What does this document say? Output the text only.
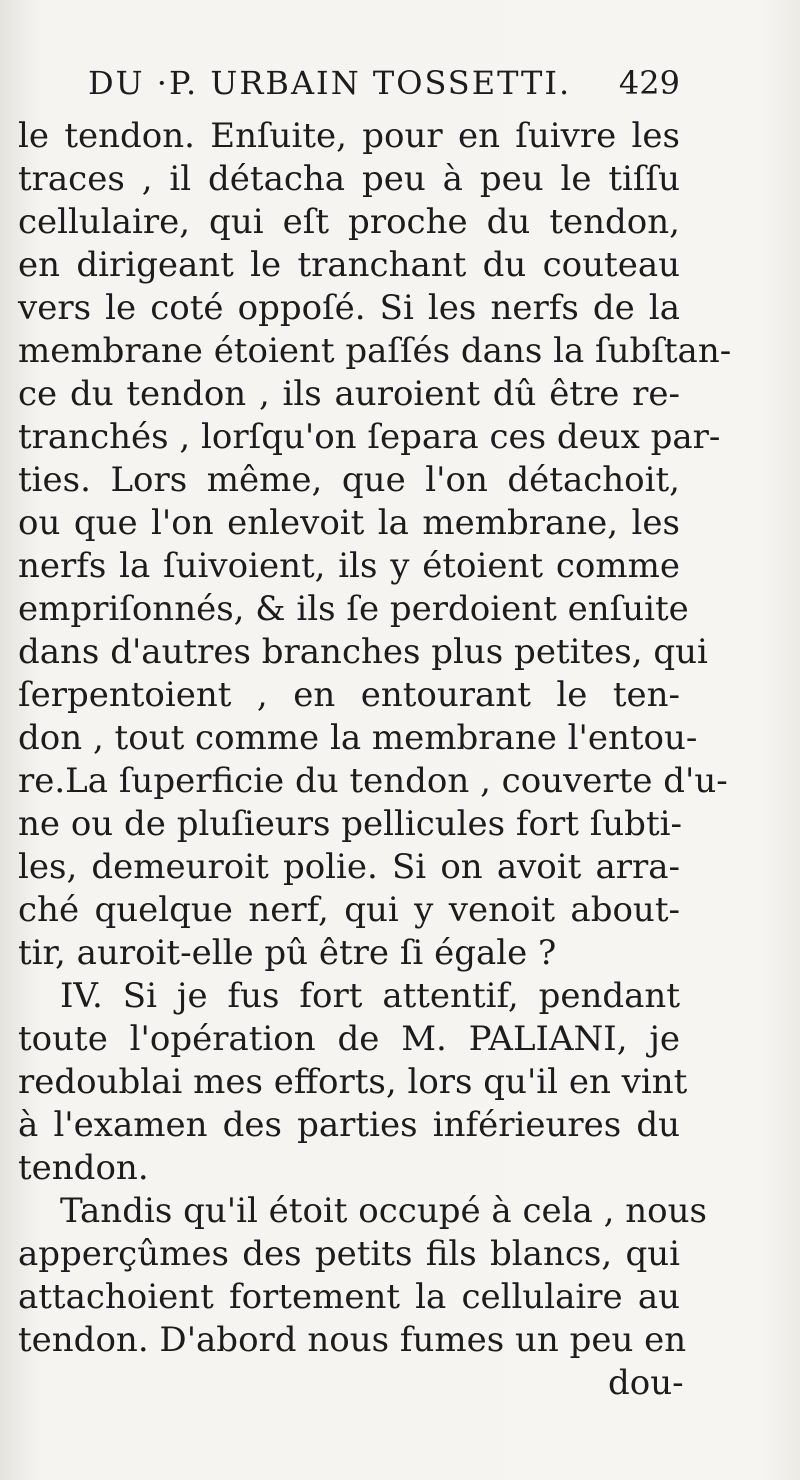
DU ·P. URBAIN TOSSETTI. 429
le tendon. Enſuite, pour en ſuivre les
traces , il détacha peu à peu le tiſſu
cellulaire, qui eſt proche du tendon,
en dirigeant le tranchant du couteau
vers le coté oppoſé. Si les nerfs de la
membrane étoient paſſés dans la ſubſtan-
ce du tendon , ils auroient dû être re-
tranchés , lorſqu'on ſepara ces deux par-
ties. Lors même, que l'on détachoit,
ou que l'on enlevoit la membrane, les
nerfs la ſuivoient, ils y étoient comme
empriſonnés, & ils ſe perdoient enſuite
dans d'autres branches plus petites, qui
ſerpentoient , en entourant le ten-
don , tout comme la membrane l'entou-
re.La ſuperficie du tendon , couverte d'u-
ne ou de pluſieurs pellicules fort ſubti-
les, demeuroit polie. Si on avoit arra-
ché quelque nerf, qui y venoit about-
tir, auroit-elle pû être ſi égale ?
IV. Si je fus fort attentif, pendant
toute l'opération de M. PALIANI, je
redoublai mes efforts, lors qu'il en vint
à l'examen des parties inférieures du
tendon.
Tandis qu'il étoit occupé à cela , nous
apperçûmes des petits fils blancs, qui
attachoient fortement la cellulaire au
tendon. D'abord nous fumes un peu en
dou-
